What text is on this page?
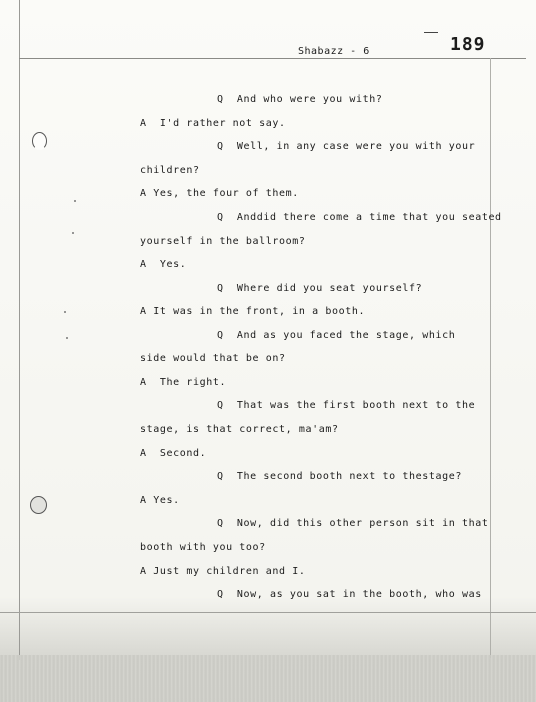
Shabazz - 6	189
Q  And who were you with?
A  I'd rather not say.
Q  Well, in any case were you with your
children?
A Yes, the four of them.
Q  Anddid there come a time that you seated
yourself in the ballroom?
A  Yes.
Q  Where did you seat yourself?
A It was in the front, in a booth.
Q  And as you faced the stage, which
side would that be on?
A  The right.
Q  That was the first booth next to the
stage, is that correct, ma'am?
A  Second.
Q  The second booth next to thestage?
A Yes.
Q  Now, did this other person sit in that
booth with you too?
A Just my children and I.
Q  Now, as you sat in the booth, who was
